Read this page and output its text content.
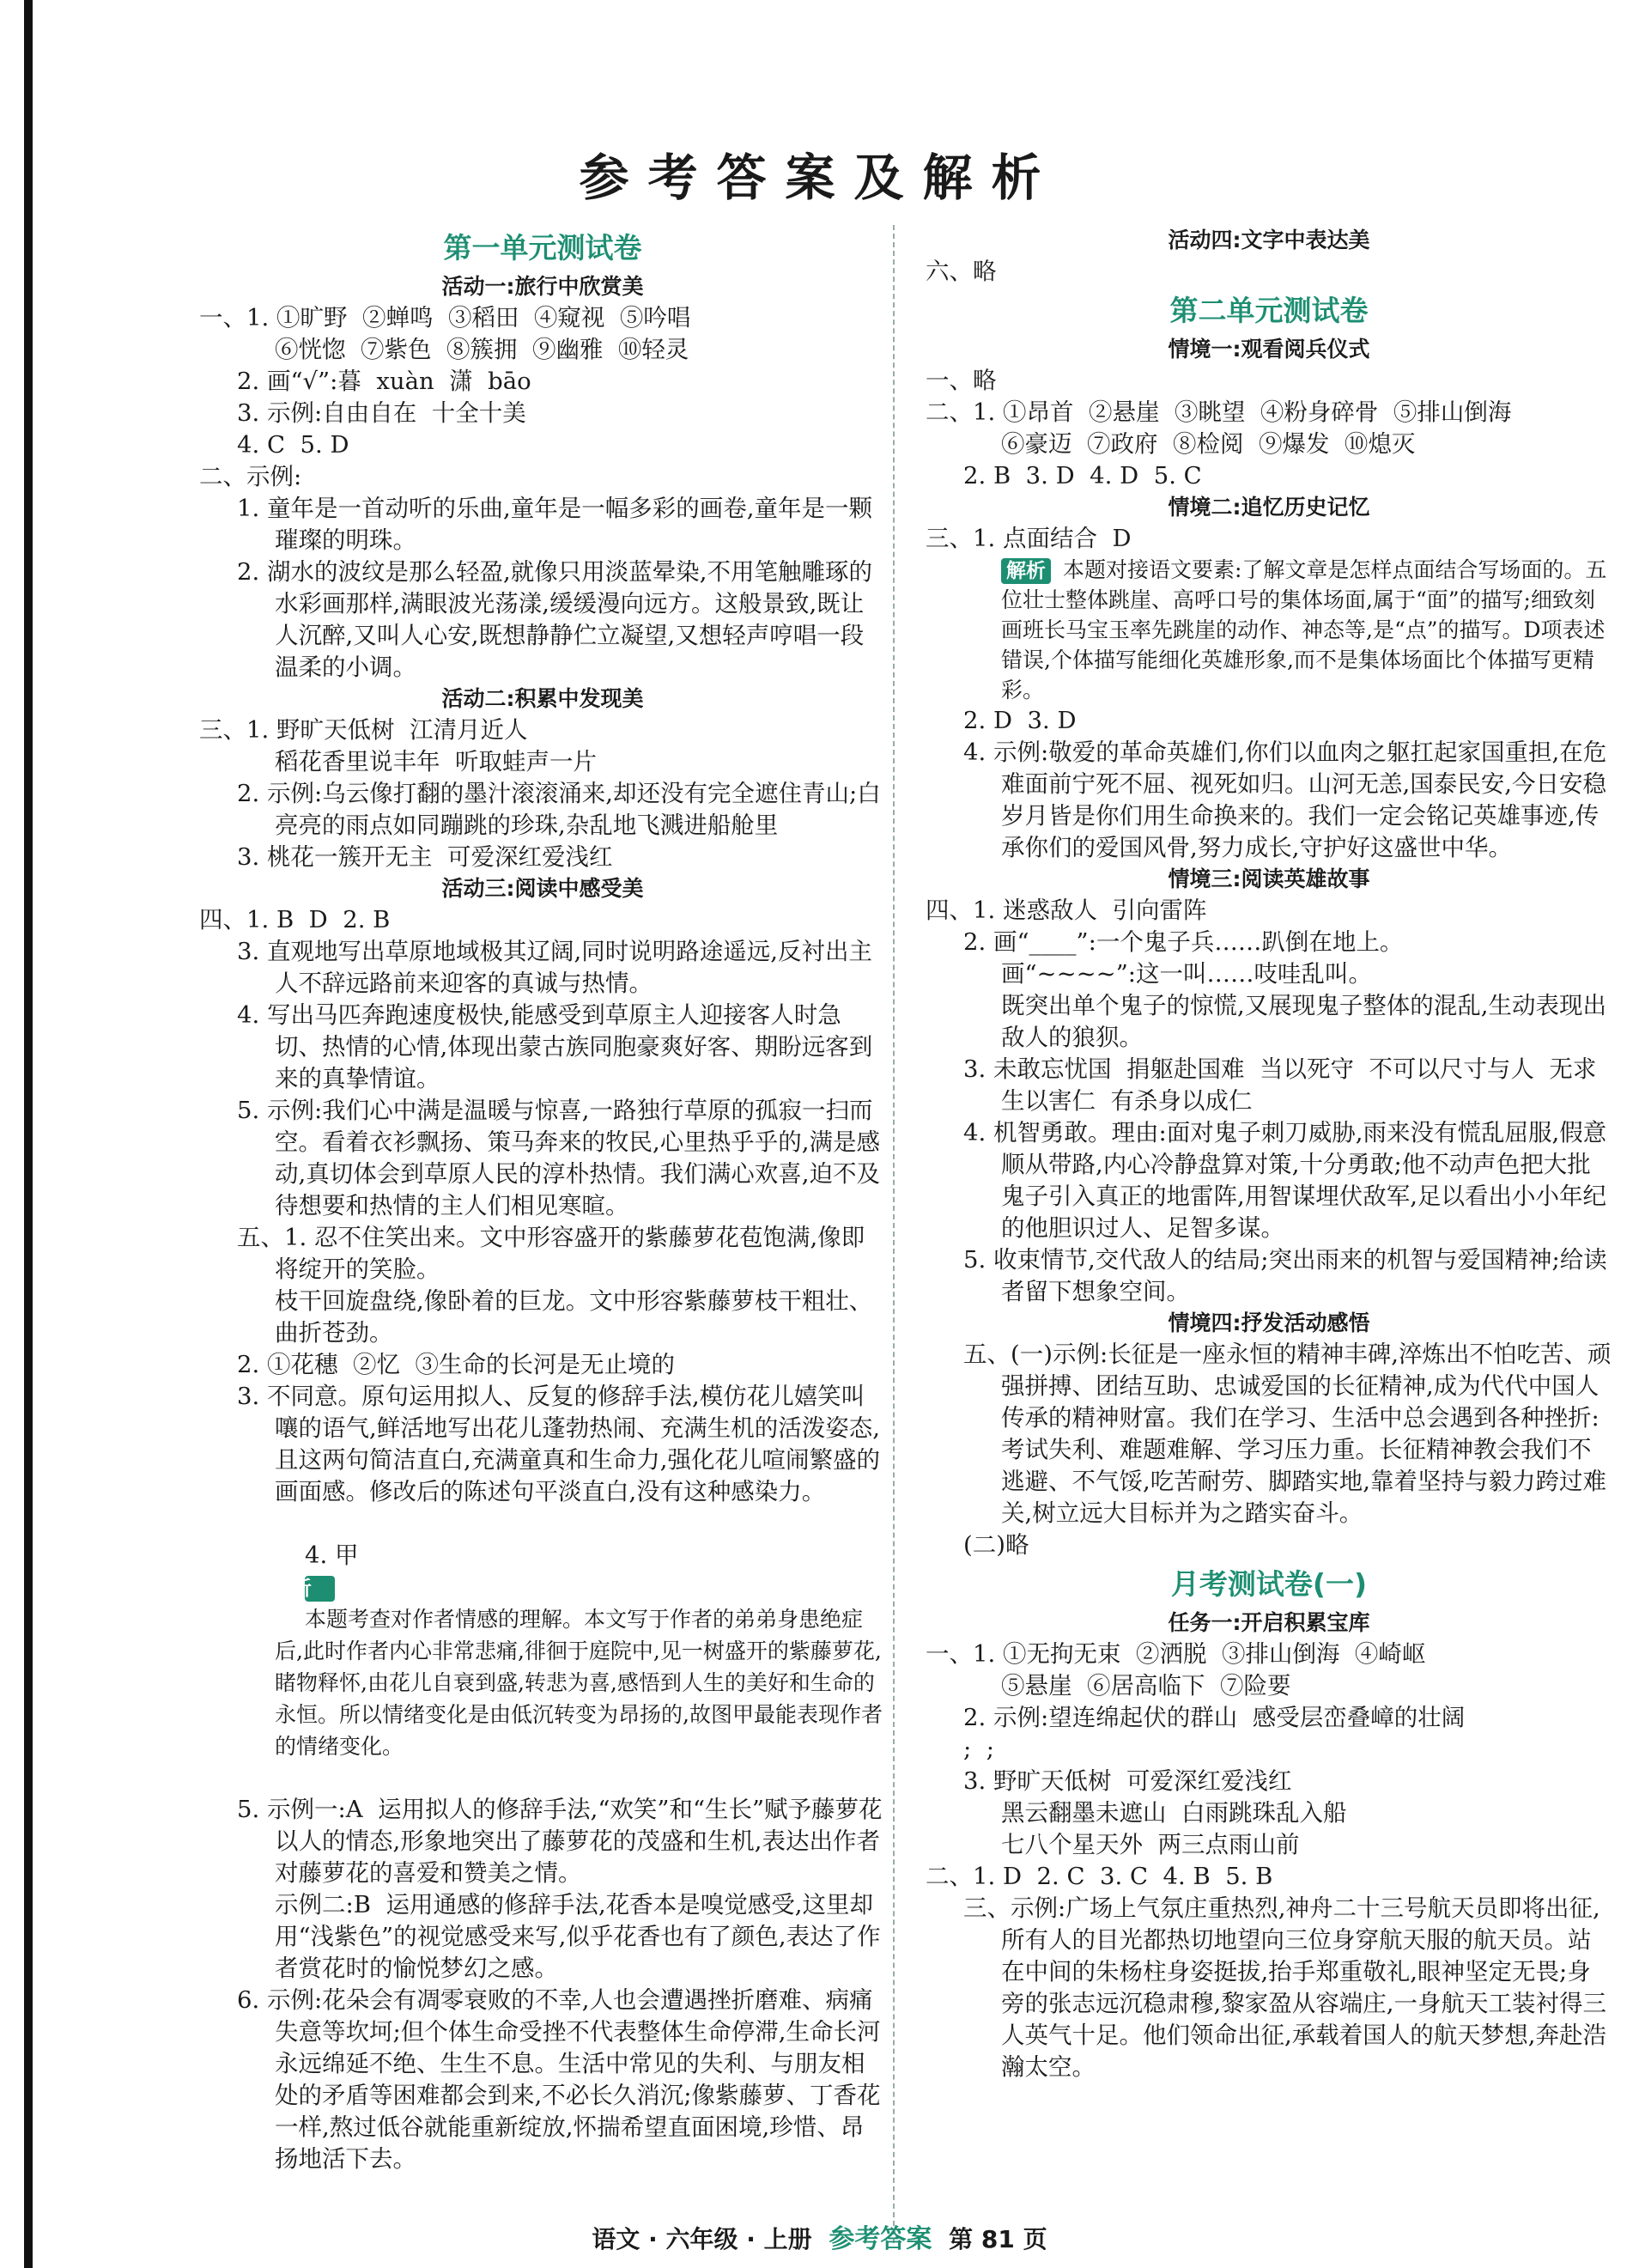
参考答案及解析
第一单元测试卷
活动一:旅行中欣赏美
一、1. ①旷野  ②蝉鸣  ③稻田  ④窥视  ⑤吟唱
⑥恍惚  ⑦紫色  ⑧簇拥  ⑨幽雅  ⑩轻灵
2. 画“√”:暮  xuàn  潇  bāo
3. 示例:自由自在  十全十美
4. C  5. D
二、示例:
1. 童年是一首动听的乐曲,童年是一幅多彩的画卷,童年是一颗璀璨的明珠。
2. 湖水的波纹是那么轻盈,就像只用淡蓝晕染,不用笔触雕琢的水彩画那样,满眼波光荡漾,缓缓漫向远方。这般景致,既让人沉醉,又叫人心安,既想静静伫立凝望,又想轻声哼唱一段温柔的小调。
活动二:积累中发现美
三、1. 野旷天低树  江清月近人
稻花香里说丰年  听取蛙声一片
2. 示例:乌云像打翻的墨汁滚滚涌来,却还没有完全遮住青山;白亮亮的雨点如同蹦跳的珍珠,杂乱地飞溅进船舱里
3. 桃花一簇开无主  可爱深红爱浅红
活动三:阅读中感受美
四、1. B  D  2. B
3. 直观地写出草原地域极其辽阔,同时说明路途遥远,反衬出主人不辞远路前来迎客的真诚与热情。
4. 写出马匹奔跑速度极快,能感受到草原主人迎接客人时急切、热情的心情,体现出蒙古族同胞豪爽好客、期盼远客到来的真挚情谊。
5. 示例:我们心中满是温暖与惊喜,一路独行草原的孤寂一扫而空。看着衣衫飘扬、策马奔来的牧民,心里热乎乎的,满是感动,真切体会到草原人民的淳朴热情。我们满心欢喜,迫不及待想要和热情的主人们相见寒暄。
五、1. 忍不住笑出来。文中形容盛开的紫藤萝花苞饱满,像即将绽开的笑脸。
枝干回旋盘绕,像卧着的巨龙。文中形容紫藤萝枝干粗壮、曲折苍劲。
2. ①花穗  ②忆  ③生命的长河是无止境的
3. 不同意。原句运用拟人、反复的修辞手法,模仿花儿嬉笑叫嚷的语气,鲜活地写出花儿蓬勃热闹、充满生机的活泼姿态,且这两句简洁直白,充满童真和生命力,强化花儿喧闹繁盛的画面感。修改后的陈述句平淡直白,没有这种感染力。

4. 甲
解析
本题考查对作者情感的理解。本文写于作者的弟弟身患绝症后,此时作者内心非常悲痛,徘徊于庭院中,见一树盛开的紫藤萝花,睹物释怀,由花儿自衰到盛,转悲为喜,感悟到人生的美好和生命的永恒。所以情绪变化是由低沉转变为昂扬的,故图甲最能表现作者的情绪变化。

5. 示例一:A  运用拟人的修辞手法,“欢笑”和“生长”赋予藤萝花以人的情态,形象地突出了藤萝花的茂盛和生机,表达出作者对藤萝花的喜爱和赞美之情。
示例二:B  运用通感的修辞手法,花香本是嗅觉感受,这里却用“浅紫色”的视觉感受来写,似乎花香也有了颜色,表达了作者赏花时的愉悦梦幻之感。
6. 示例:花朵会有凋零衰败的不幸,人也会遭遇挫折磨难、病痛失意等坎坷;但个体生命受挫不代表整体生命停滞,生命长河永远绵延不绝、生生不息。生活中常见的失利、与朋友相处的矛盾等困难都会到来,不必长久消沉;像紫藤萝、丁香花一样,熬过低谷就能重新绽放,怀揣希望直面困境,珍惜、昂扬地活下去。
活动四:文字中表达美
六、略
第二单元测试卷
情境一:观看阅兵仪式
一、略
二、1. ①昂首  ②悬崖  ③眺望  ④粉身碎骨  ⑤排山倒海
⑥豪迈  ⑦政府  ⑧检阅  ⑨爆发  ⑩熄灭
2. B  3. D  4. D  5. C
情境二:追忆历史记忆
三、1. 点面结合  D
解析 本题对接语文要素:了解文章是怎样点面结合写场面的。五位壮士整体跳崖、高呼口号的集体场面,属于“面”的描写;细致刻画班长马宝玉率先跳崖的动作、神态等,是“点”的描写。D项表述错误,个体描写能细化英雄形象,而不是集体场面比个体描写更精彩。
2. D  3. D
4. 示例:敬爱的革命英雄们,你们以血肉之躯扛起家国重担,在危难面前宁死不屈、视死如归。山河无恙,国泰民安,今日安稳岁月皆是你们用生命换来的。我们一定会铭记英雄事迹,传承你们的爱国风骨,努力成长,守护好这盛世中华。
情境三:阅读英雄故事
四、1. 迷惑敌人  引向雷阵
2. 画“____”:一个鬼子兵……趴倒在地上。
画“~~~~”:这一叫……吱哇乱叫。
既突出单个鬼子的惊慌,又展现鬼子整体的混乱,生动表现出敌人的狼狈。
3. 未敢忘忧国  捐躯赴国难  当以死守  不可以尺寸与人  无求生以害仁  有杀身以成仁
4. 机智勇敢。理由:面对鬼子刺刀威胁,雨来没有慌乱屈服,假意顺从带路,内心冷静盘算对策,十分勇敢;他不动声色把大批鬼子引入真正的地雷阵,用智谋埋伏敌军,足以看出小小年纪的他胆识过人、足智多谋。
5. 收束情节,交代敌人的结局;突出雨来的机智与爱国精神;给读者留下想象空间。
情境四:抒发活动感悟
五、(一)示例:长征是一座永恒的精神丰碑,淬炼出不怕吃苦、顽强拼搏、团结互助、忠诚爱国的长征精神,成为代代中国人传承的精神财富。我们在学习、生活中总会遇到各种挫折:考试失利、难题难解、学习压力重。长征精神教会我们不逃避、不气馁,吃苦耐劳、脚踏实地,靠着坚持与毅力跨过难关,树立远大目标并为之踏实奋斗。
(二)略
月考测试卷(一)
任务一:开启积累宝库
一、1. ①无拘无束  ②洒脱  ③排山倒海  ④崎岖
⑤悬崖  ⑥居高临下  ⑦险要
2. 示例:望连绵起伏的群山  感受层峦叠嶂的壮阔
;  ;
3. 野旷天低树  可爱深红爱浅红
黑云翻墨未遮山  白雨跳珠乱入船
七八个星天外  两三点雨山前
二、1. D  2. C  3. C  4. B  5. B
三、示例:广场上气氛庄重热烈,神舟二十三号航天员即将出征,所有人的目光都热切地望向三位身穿航天服的航天员。站在中间的朱杨柱身姿挺拔,抬手郑重敬礼,眼神坚定无畏;身旁的张志远沉稳肃穆,黎家盈从容端庄,一身航天工装衬得三人英气十足。他们领命出征,承载着国人的航天梦想,奔赴浩瀚太空。
语文 · 六年级 · 上册 参考答案 第 81 页
